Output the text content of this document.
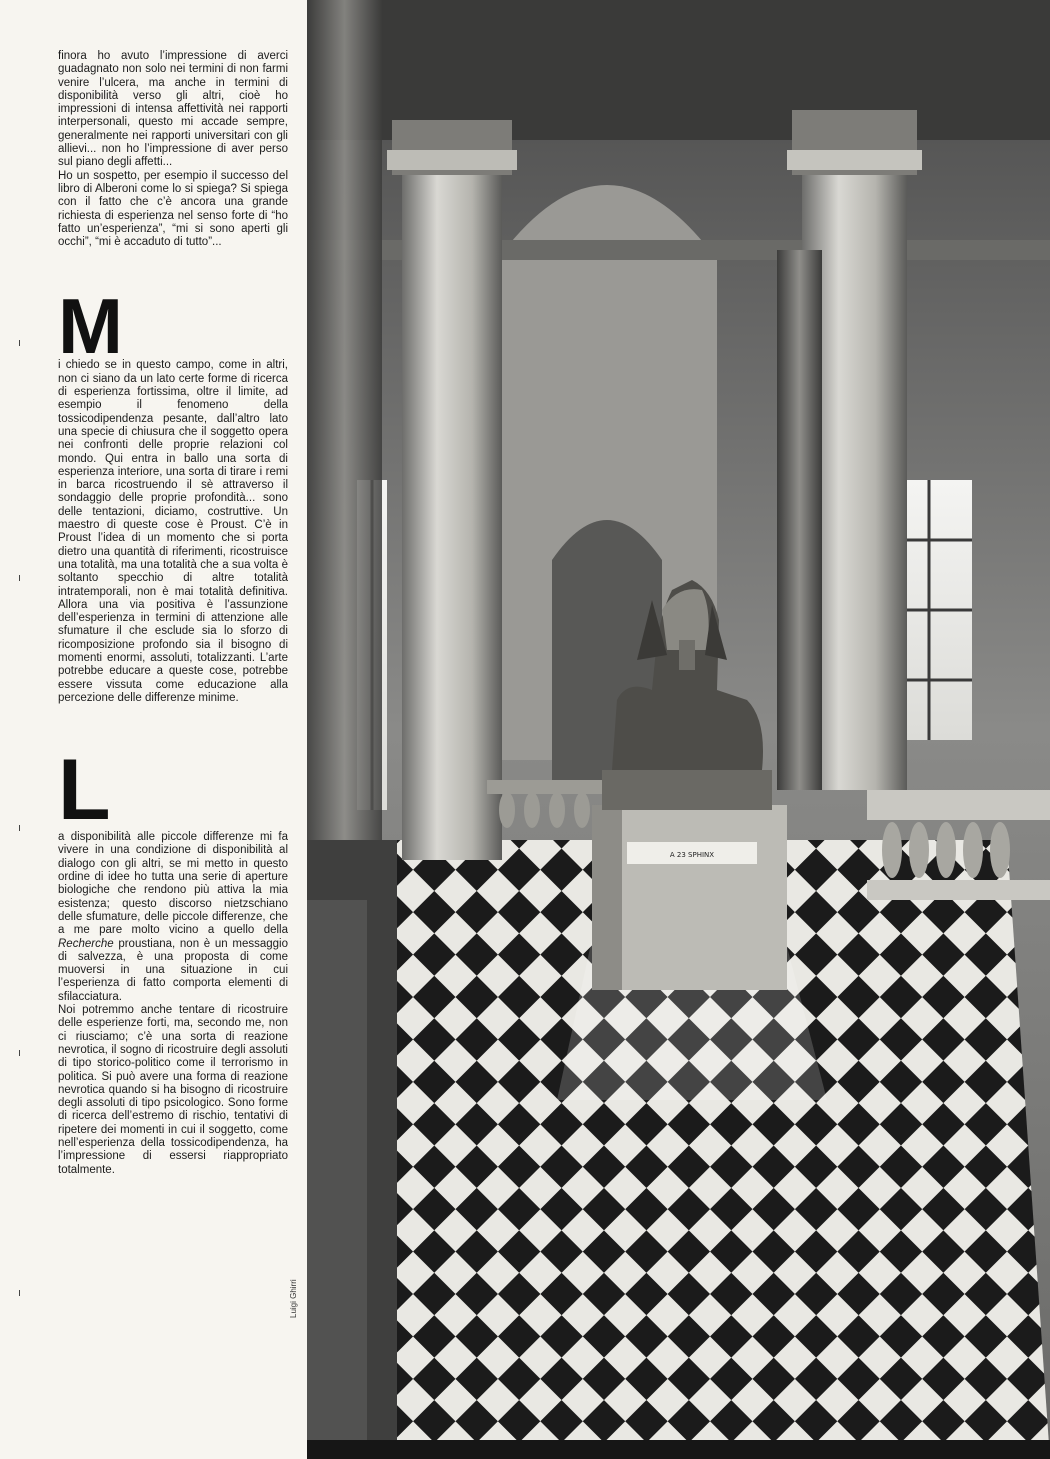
finora ho avuto l’impressione di averci guadagnato non solo nei termini di non farmi venire l’ulcera, ma anche in termini di disponibilità verso gli altri, cioè ho impressioni di intensa affettività nei rapporti interpersonali, questo mi accade sempre, generalmente nei rapporti universitari con gli allievi... non ho l’impressione di aver perso sul piano degli affetti...

Ho un sospetto, per esempio il successo del libro di Alberoni come lo si spiega? Si spiega con il fatto che c’è ancora una grande richiesta di esperienza nel senso forte di “ho fatto un’esperienza”, “mi si sono aperti gli occhi”, “mi è accaduto di tutto”...

M

i chiedo se in questo campo, come in altri, non ci siano da un lato certe forme di ricerca di esperienza fortissima, oltre il limite, ad esempio il fenomeno della tossicodipendenza pesante, dall’altro lato una specie di chiusura che il soggetto opera nei confronti delle proprie relazioni col mondo. Qui entra in ballo una sorta di esperienza interiore, una sorta di tirare i remi in barca ricostruendo il sè attraverso il sondaggio delle proprie profondità... sono delle tentazioni, diciamo, costruttive. Un maestro di queste cose è Proust. C’è in Proust l’idea di un momento che si porta dietro una quantità di riferimenti, ricostruisce una totalità, ma una totalità che a sua volta è soltanto specchio di altre totalità intratemporali, non è mai totalità definitiva. Allora una via positiva è l’assunzione dell’esperienza in termini di attenzione alle sfumature il che esclude sia lo sforzo di ricomposizione profondo sia il bisogno di momenti enormi, assoluti, totalizzanti. L’arte potrebbe educare a queste cose, potrebbe essere vissuta come educazione alla percezione delle differenze minime.

L

a disponibilità alle piccole differenze mi fa vivere in una condizione di disponibilità al dialogo con gli altri, se mi metto in questo ordine di idee ho tutta una serie di aperture biologiche che rendono più attiva la mia esistenza; questo discorso nietzschiano delle sfumature, delle piccole differenze, che a me pare molto vicino a quello della Recherche proustiana, non è un messaggio di salvezza, è una proposta di come muoversi in una situazione in cui l’esperienza di fatto comporta elementi di sfilacciatura.

Noi potremmo anche tentare di ricostruire delle esperienze forti, ma, secondo me, non ci riusciamo; c’è una sorta di reazione nevrotica, il sogno di ricostruire degli assoluti di tipo storico-politico come il terrorismo in politica. Si può avere una forma di reazione nevrotica quando si ha bisogno di ricostruire degli assoluti di tipo psicologico. Sono forme di ricerca dell’estremo di rischio, tentativi di ripetere dei momenti in cui il soggetto, come nell’esperienza della tossicodipendenza, ha l’impressione di essersi riappropriato totalmente.

Luigi Ghirri
A 23 SPHINX
